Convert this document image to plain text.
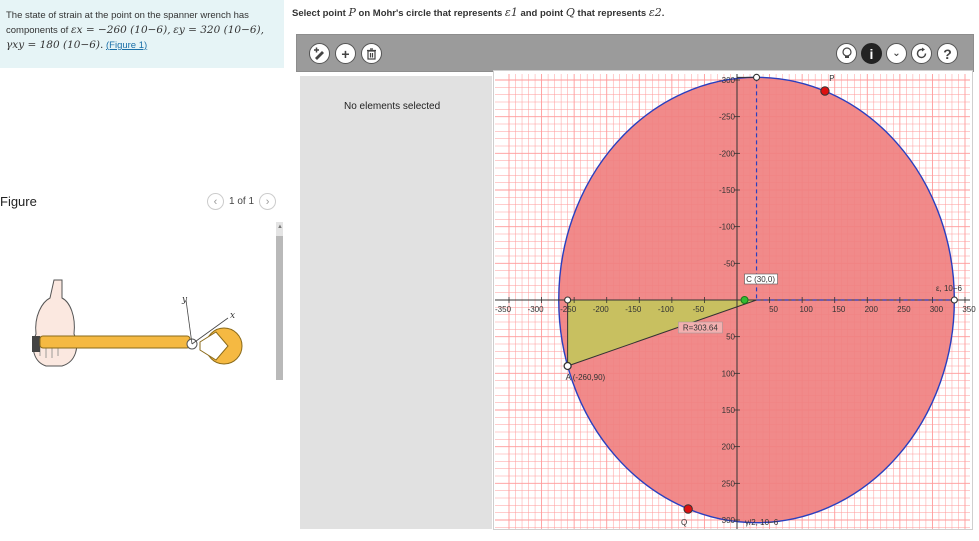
The state of strain at the point on the spanner wrench has
components of εx = −260 (10−6), εy = 320 (10−6),
γxy = 180 (10−6). (Figure 1)
Figure	‹	1 of 1	›
▲
y
x
Select point P on Mohr's circle that represents ε1 and point Q that represents ε2.
+	i	⌄	?
No elements selected
-350 -300 -250 -200 -150 -100 -50	50	100 150 200 250 300 350
-300
-250
-200
-150
-100
-50
50
100
150
200
250
300
ε, 10−6
γ/2, 10−6
R=303.64
A (-260,90)
C (30,0)
P
Q
